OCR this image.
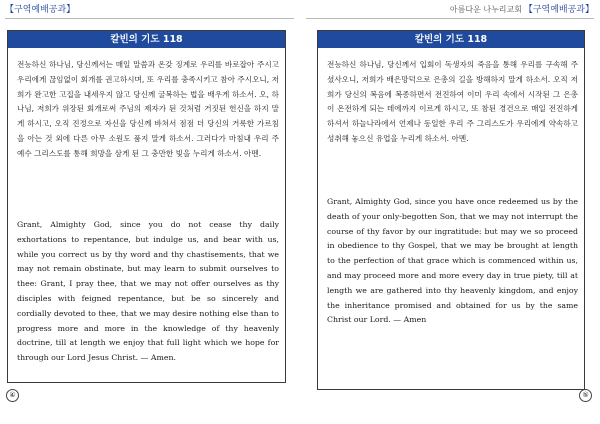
【구역예배공과】
칼빈의 기도 118

전능하신 하나님, 당신께서는 매일 말씀과 온갖 징계로 우리를 바로잡아 주시고 우리에게 끊임없이 회개를 권고하시며, 또 우리를 충족시키고 참아 주시오니, 저희가 완고한 고집을 내세우지 않고 당신께 굴복하는 법을 배우게 하소서. 오, 하나님, 저희가 위장된 회개로써 주님의 제자가 된 것처럼 거짓된 헌신을 하지 말게 하시고, 오직 진정으로 자신을 당신께 바쳐서 점점 더 당신의 거룩한 가르침을 아는 것 외에 다른 아무 소원도 품지 말게 하소서. 그러다가 마침내 우리 주 예수 그리스도를 통해 희망을 삼게 된 그 충만한 빛을 누리게 하소서. 아멘.

Grant, Almighty God, since you do not cease thy daily exhortations to repentance, but indulge us, and bear with us, while you correct us by thy word and thy chastisements, that we may not remain obstinate, but may learn to submit ourselves to thee: Grant, I pray thee, that we may not offer ourselves as thy disciples with feigned repentance, but be so sincerely and cordially devoted to thee, that we may desire nothing else than to progress more and more in the knowledge of thy heavenly doctrine, till at length we enjoy that full light which we hope for through our Lord Jesus Christ. — Amen.

④
아름다운 나누리교회 【구역예배공과】
칼빈의 기도 118

전능하신 하나님, 당신께서 입회이 독생자의 죽음을 통해 우리를 구속해 주셨사오니, 저희가 배은망덕으로 은총의 길을 방해하지 말게 하소서. 오직 저희가 당신의 복음에 복종하면서 전진하여 이미 우리 속에서 시작된 그 은총이 온전하게 되는 데에까지 이르게 하시고, 또 참된 경건으로 매일 전진하게 하셔서 하늘나라에서 언제나 동일한 우리 주 그리스도가 우리에게 약속하고 성취해 놓으신 유업을 누리게 하소서. 아멘.

Grant, Almighty God, since you have once redeemed us by the death of your only-begotten Son, that we may not interrupt the course of thy favor by our ingratitude: but may we so proceed in obedience to thy Gospel, that we may be brought at length to the perfection of that grace which is commenced within us, and may proceed more and more every day in true piety, till at length we are gathered into thy heavenly kingdom, and enjoy the inheritance promised and obtained for us by the same Christ our Lord. — Amen

⑤
